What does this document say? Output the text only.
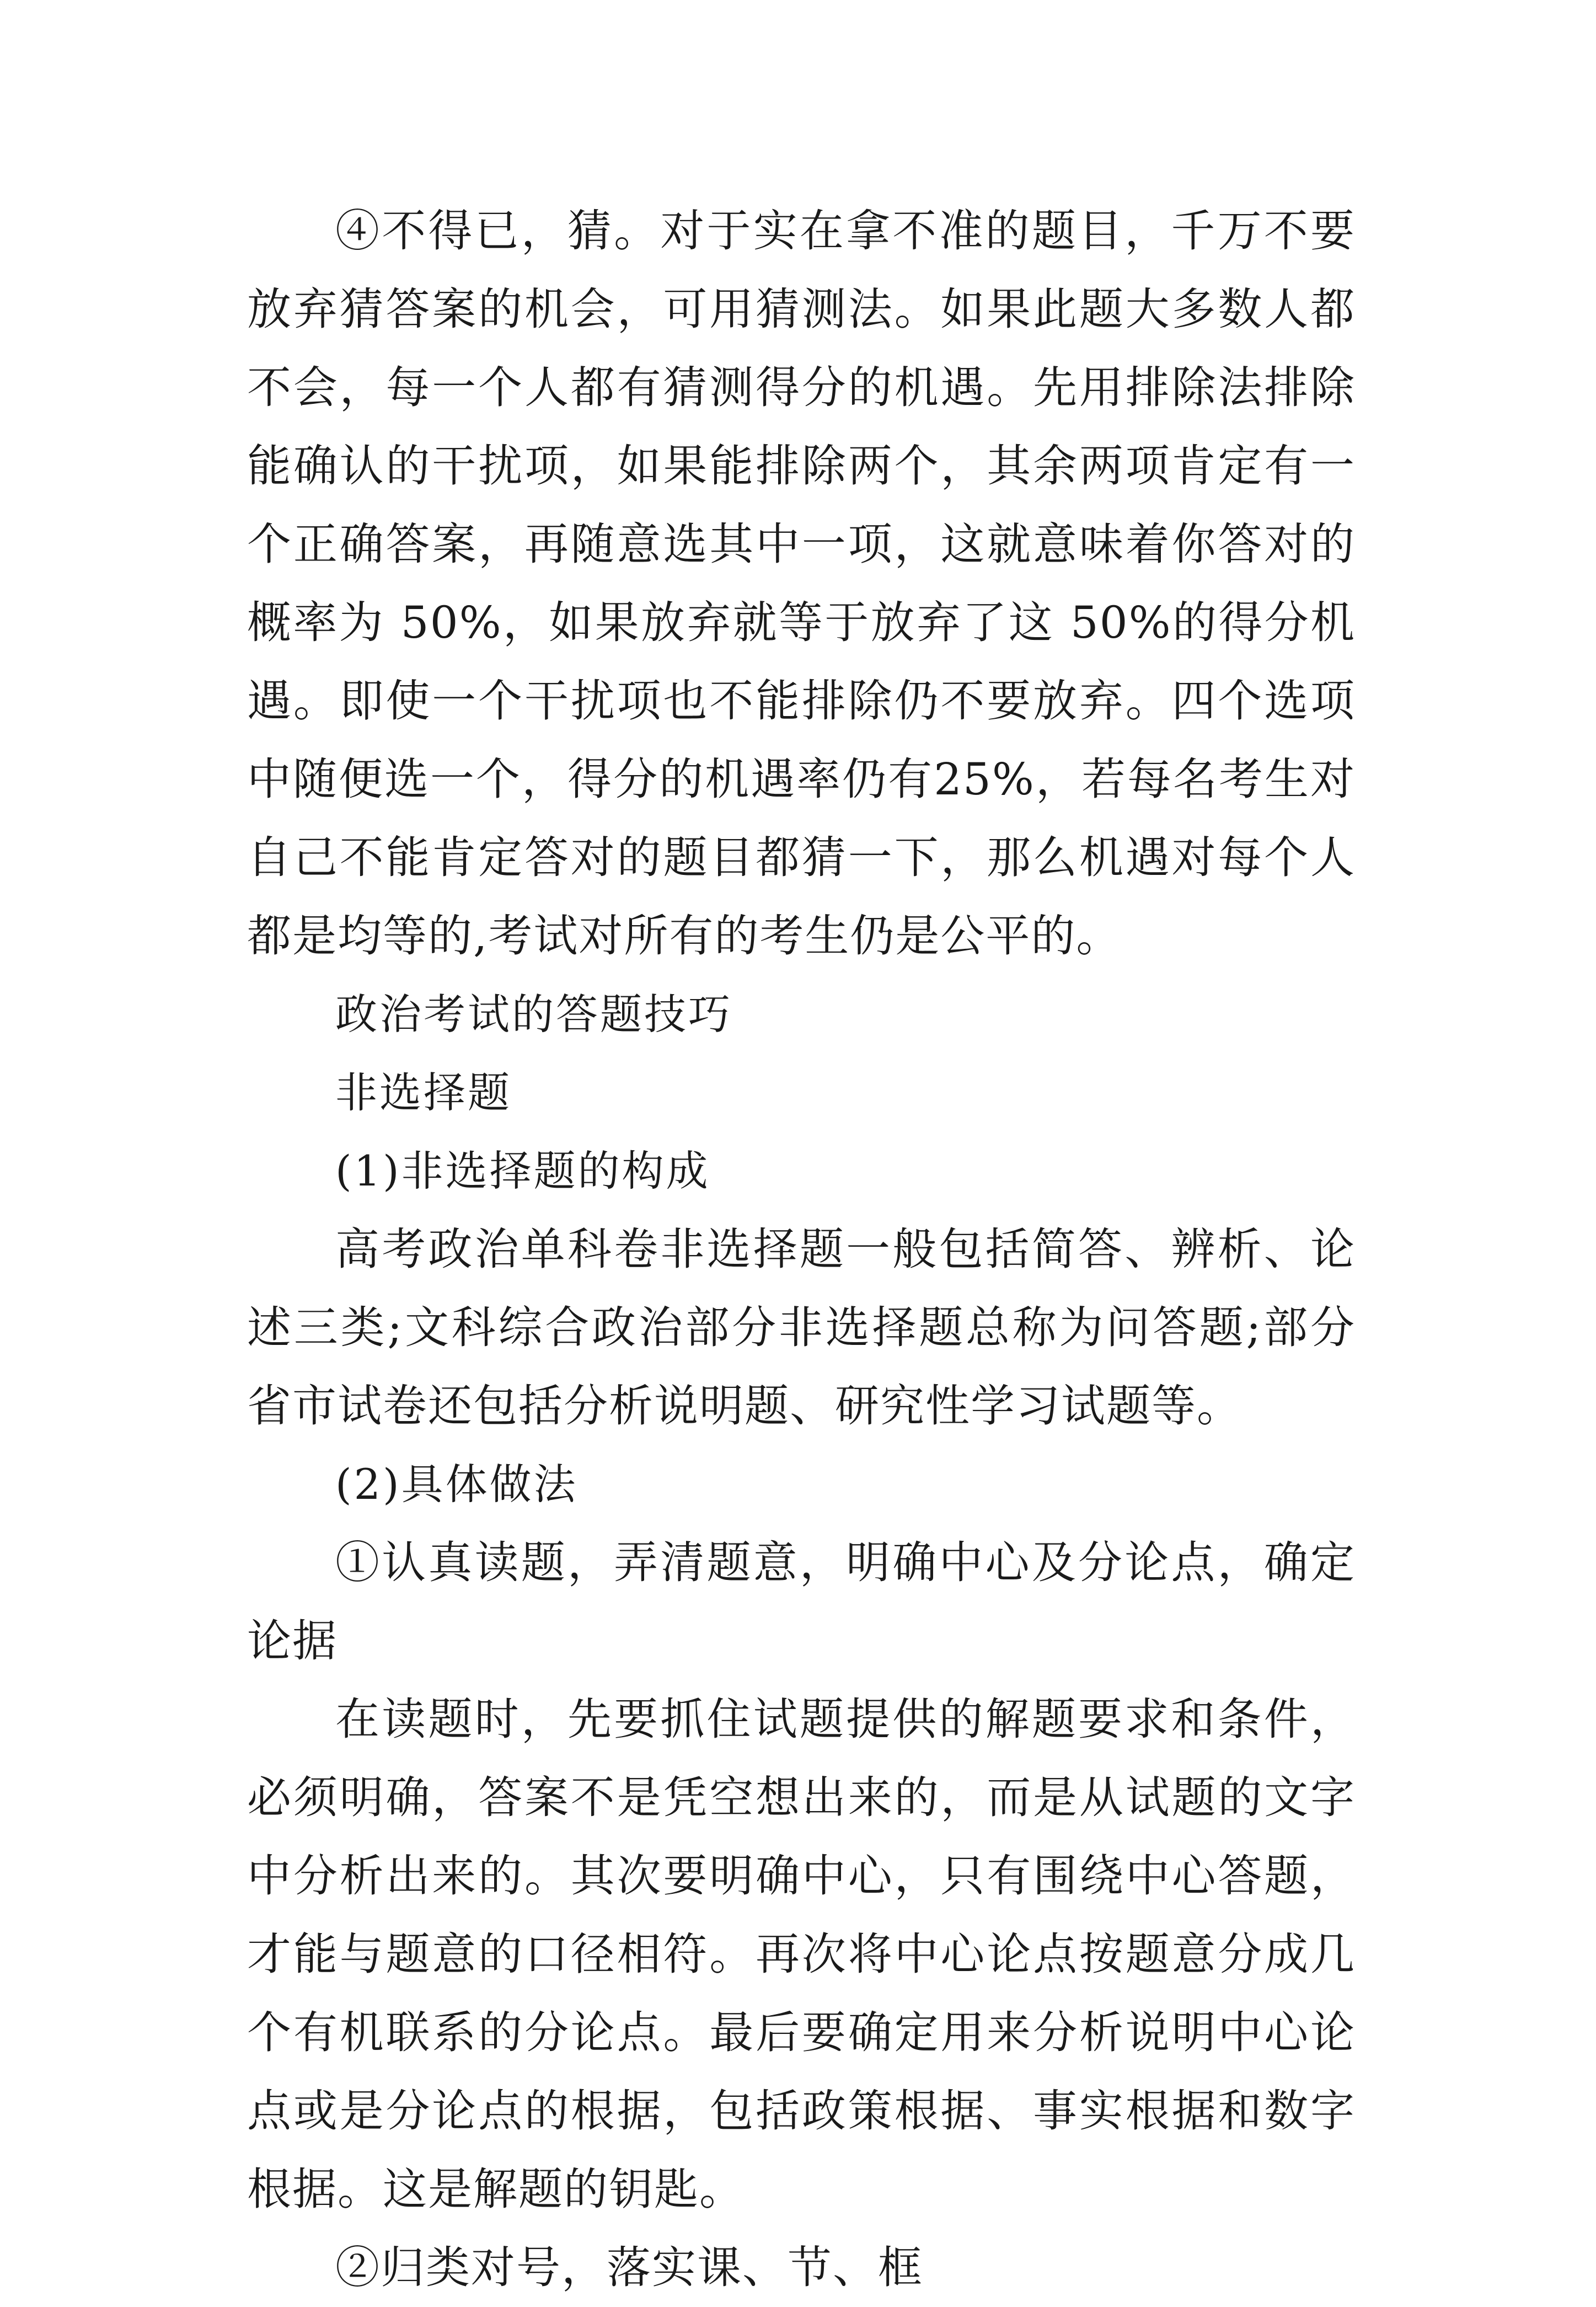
④不得已，猜。对于实在拿不准的题目，千万不要放弃猜答案的机会，可用猜测法。如果此题大多数人都不会，每一个人都有猜测得分的机遇。先用排除法排除能确认的干扰项，如果能排除两个，其余两项肯定有一个正确答案，再随意选其中一项，这就意味着你答对的概率为 50%，如果放弃就等于放弃了这 50%的得分机遇。即使一个干扰项也不能排除仍不要放弃。四个选项中随便选一个，得分的机遇率仍有25%，若每名考生对自己不能肯定答对的题目都猜一下，那么机遇对每个人都是均等的,考试对所有的考生仍是公平的。

政治考试的答题技巧

非选择题

(1)非选择题的构成

高考政治单科卷非选择题一般包括简答、辨析、论述三类;文科综合政治部分非选择题总称为问答题;部分省市试卷还包括分析说明题、研究性学习试题等。

(2)具体做法

①认真读题，弄清题意，明确中心及分论点，确定论据

在读题时，先要抓住试题提供的解题要求和条件，必须明确，答案不是凭空想出来的，而是从试题的文字中分析出来的。其次要明确中心，只有围绕中心答题，才能与题意的口径相符。再次将中心论点按题意分成几个有机联系的分论点。最后要确定用来分析说明中心论点或是分论点的根据，包括政策根据、事实根据和数字根据。这是解题的钥匙。

②归类对号，落实课、节、框
